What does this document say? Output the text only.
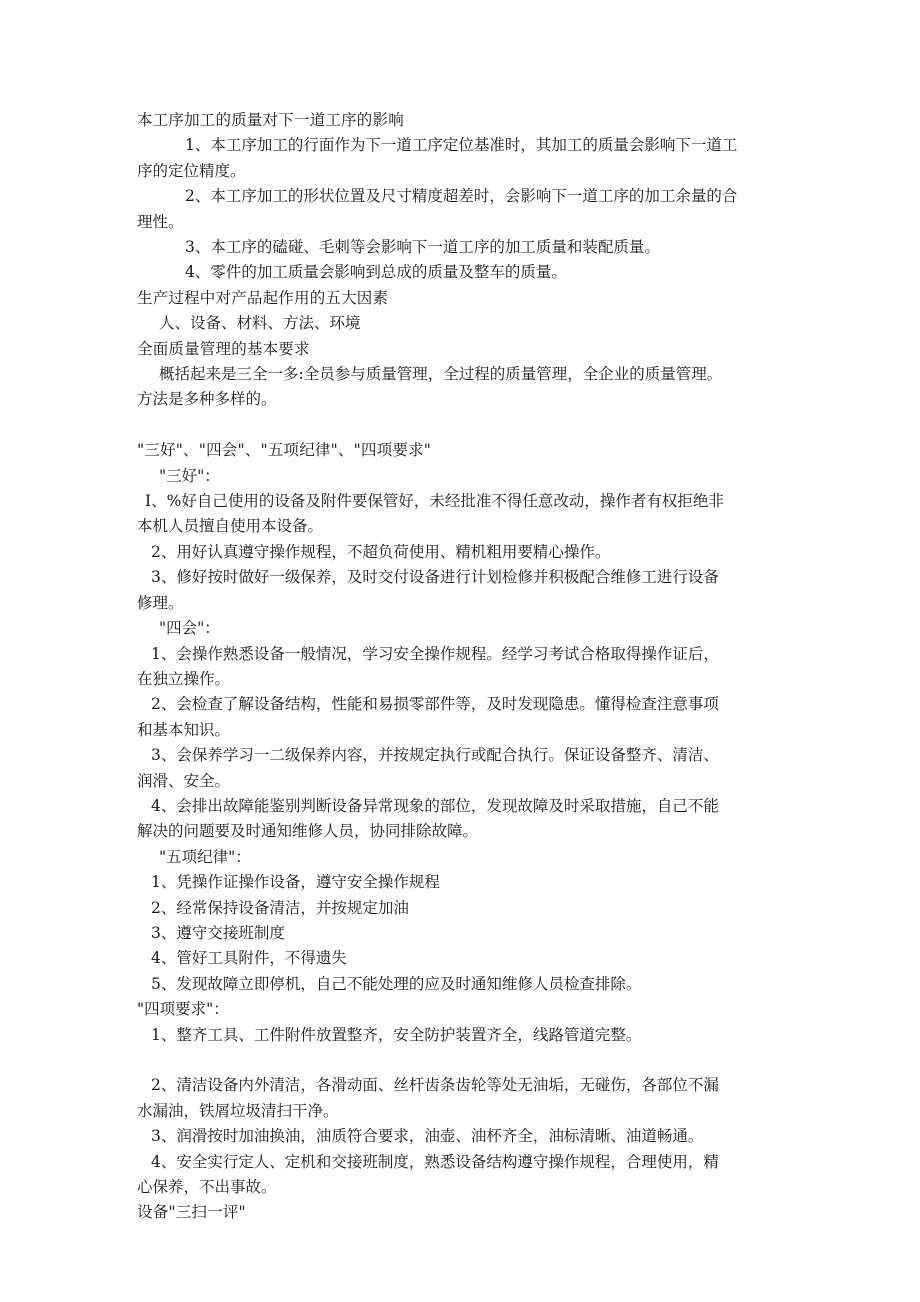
本工序加工的质量对下一道工序的影响
1、本工序加工的行面作为下一道工序定位基准时，其加工的质量会影响下一道工
序的定位精度。
2、本工序加工的形状位置及尺寸精度超差时，会影响下一道工序的加工余量的合
理性。
3、本工序的磕碰、毛刺等会影响下一道工序的加工质量和装配质量。
4、零件的加工质量会影响到总成的质量及整车的质量。
生产过程中对产品起作用的五大因素
人、设备、材料、方法、环境
全面质量管理的基本要求
概括起来是三全一多:全员参与质量管理，全过程的质量管理，全企业的质量管理。
方法是多种多样的。
"三好"、"四会"、"五项纪律"、"四项要求"
"三好"：
I、%好自己使用的设备及附件要保管好，未经批准不得任意改动，操作者有权拒绝非
本机人员擅自使用本设备。
2、用好认真遵守操作规程，不超负荷使用、精机粗用要精心操作。
3、修好按时做好一级保养，及时交付设备进行计划检修并积极配合维修工进行设备
修理。
"四会"：
1、会操作熟悉设备一般情况，学习安全操作规程。经学习考试合格取得操作证后，
在独立操作。
2、会检查了解设备结构，性能和易损零部件等，及时发现隐患。懂得检查注意事项
和基本知识。
3、会保养学习一二级保养内容，并按规定执行或配合执行。保证设备整齐、清洁、
润滑、安全。
4、会排出故障能鉴别判断设备异常现象的部位，发现故障及时采取措施，自己不能
解决的问题要及时通知维修人员，协同排除故障。
"五项纪律"：
1、凭操作证操作设备，遵守安全操作规程
2、经常保持设备清洁，并按规定加油
3、遵守交接班制度
4、管好工具附件，不得遗失
5、发现故障立即停机，自己不能处理的应及时通知维修人员检查排除。
"四项要求"：
1、整齐工具、工件附件放置整齐，安全防护装置齐全，线路管道完整。
2、清洁设备内外清洁，各滑动面、丝杆齿条齿轮等处无油垢，无碰伤，各部位不漏
水漏油，铁屑垃圾清扫干净。
3、润滑按时加油换油，油质符合要求，油壶、油杯齐全，油标清晰、油道畅通。
4、安全实行定人、定机和交接班制度，熟悉设备结构遵守操作规程，合理使用，精
心保养，不出事故。
设备"三扫一评"
